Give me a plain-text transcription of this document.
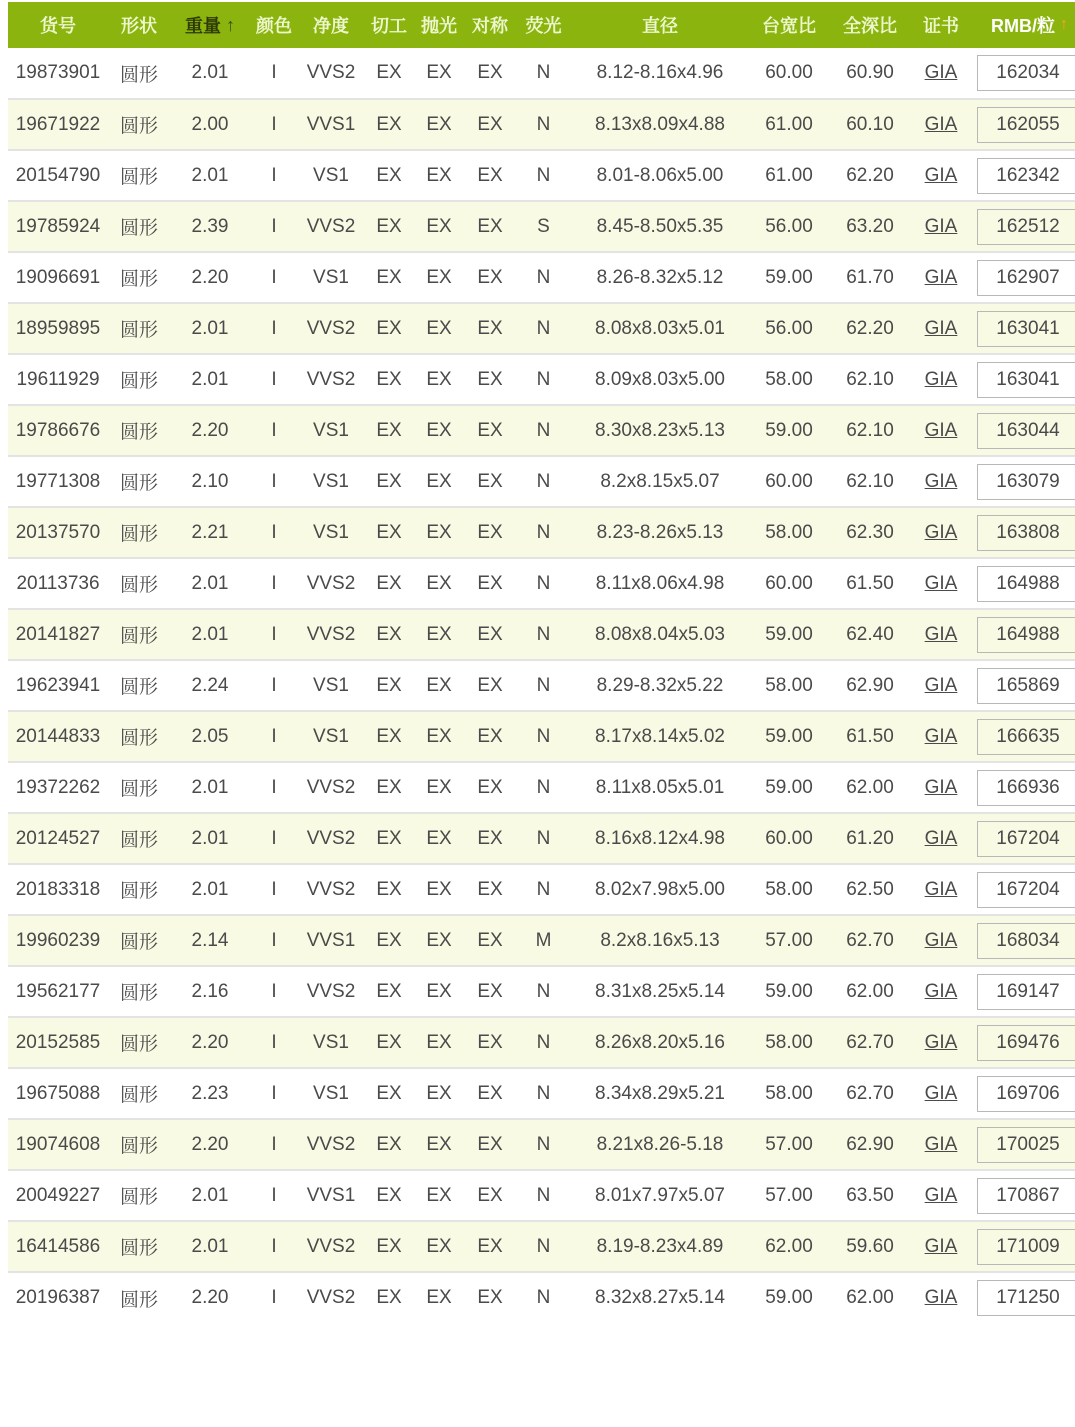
货号	形状	重量 ↑	颜色	净度	切工	抛光	对称	荧光	直径	台宽比	全深比	证书	RMB/粒 ↑

19873901	圆形	2.01	I	VVS2	EX	EX	EX	N	8.12-8.16x4.96	60.00	60.90	GIA	162034

19671922	圆形	2.00	I	VVS1	EX	EX	EX	N	8.13x8.09x4.88	61.00	60.10	GIA	162055

20154790	圆形	2.01	I	VS1	EX	EX	EX	N	8.01-8.06x5.00	61.00	62.20	GIA	162342

19785924	圆形	2.39	I	VVS2	EX	EX	EX	S	8.45-8.50x5.35	56.00	63.20	GIA	162512

19096691	圆形	2.20	I	VS1	EX	EX	EX	N	8.26-8.32x5.12	59.00	61.70	GIA	162907

18959895	圆形	2.01	I	VVS2	EX	EX	EX	N	8.08x8.03x5.01	56.00	62.20	GIA	163041

19611929	圆形	2.01	I	VVS2	EX	EX	EX	N	8.09x8.03x5.00	58.00	62.10	GIA	163041

19786676	圆形	2.20	I	VS1	EX	EX	EX	N	8.30x8.23x5.13	59.00	62.10	GIA	163044

19771308	圆形	2.10	I	VS1	EX	EX	EX	N	8.2x8.15x5.07	60.00	62.10	GIA	163079

20137570	圆形	2.21	I	VS1	EX	EX	EX	N	8.23-8.26x5.13	58.00	62.30	GIA	163808

20113736	圆形	2.01	I	VVS2	EX	EX	EX	N	8.11x8.06x4.98	60.00	61.50	GIA	164988

20141827	圆形	2.01	I	VVS2	EX	EX	EX	N	8.08x8.04x5.03	59.00	62.40	GIA	164988

19623941	圆形	2.24	I	VS1	EX	EX	EX	N	8.29-8.32x5.22	58.00	62.90	GIA	165869

20144833	圆形	2.05	I	VS1	EX	EX	EX	N	8.17x8.14x5.02	59.00	61.50	GIA	166635

19372262	圆形	2.01	I	VVS2	EX	EX	EX	N	8.11x8.05x5.01	59.00	62.00	GIA	166936

20124527	圆形	2.01	I	VVS2	EX	EX	EX	N	8.16x8.12x4.98	60.00	61.20	GIA	167204

20183318	圆形	2.01	I	VVS2	EX	EX	EX	N	8.02x7.98x5.00	58.00	62.50	GIA	167204

19960239	圆形	2.14	I	VVS1	EX	EX	EX	M	8.2x8.16x5.13	57.00	62.70	GIA	168034

19562177	圆形	2.16	I	VVS2	EX	EX	EX	N	8.31x8.25x5.14	59.00	62.00	GIA	169147

20152585	圆形	2.20	I	VS1	EX	EX	EX	N	8.26x8.20x5.16	58.00	62.70	GIA	169476

19675088	圆形	2.23	I	VS1	EX	EX	EX	N	8.34x8.29x5.21	58.00	62.70	GIA	169706

19074608	圆形	2.20	I	VVS2	EX	EX	EX	N	8.21x8.26-5.18	57.00	62.90	GIA	170025

20049227	圆形	2.01	I	VVS1	EX	EX	EX	N	8.01x7.97x5.07	57.00	63.50	GIA	170867

16414586	圆形	2.01	I	VVS2	EX	EX	EX	N	8.19-8.23x4.89	62.00	59.60	GIA	171009

20196387	圆形	2.20	I	VVS2	EX	EX	EX	N	8.32x8.27x5.14	59.00	62.00	GIA	171250
